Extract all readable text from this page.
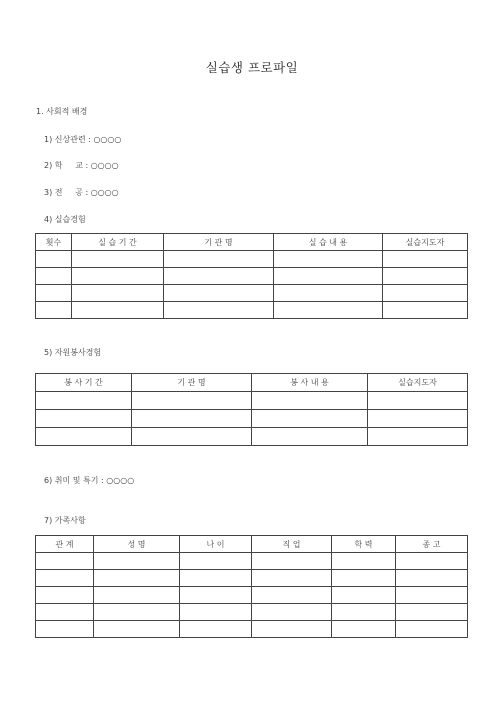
실습생 프로파일
1. 사회적 배경
1) 신상관련 : ○○○○
2) 학     교 : ○○○○
3) 전     공 : ○○○○
4) 실습경험
횟수	실 습 기 간	기 관 명	실 습 내 용	실습지도자

5) 자원봉사경험
봉 사 기 간	기 관 명	봉 사 내 용	실습지도자

6) 취미 및 특기 : ○○○○
7) 가족사항
관 계	성 명	나 이	직 업	학 력	종 고
